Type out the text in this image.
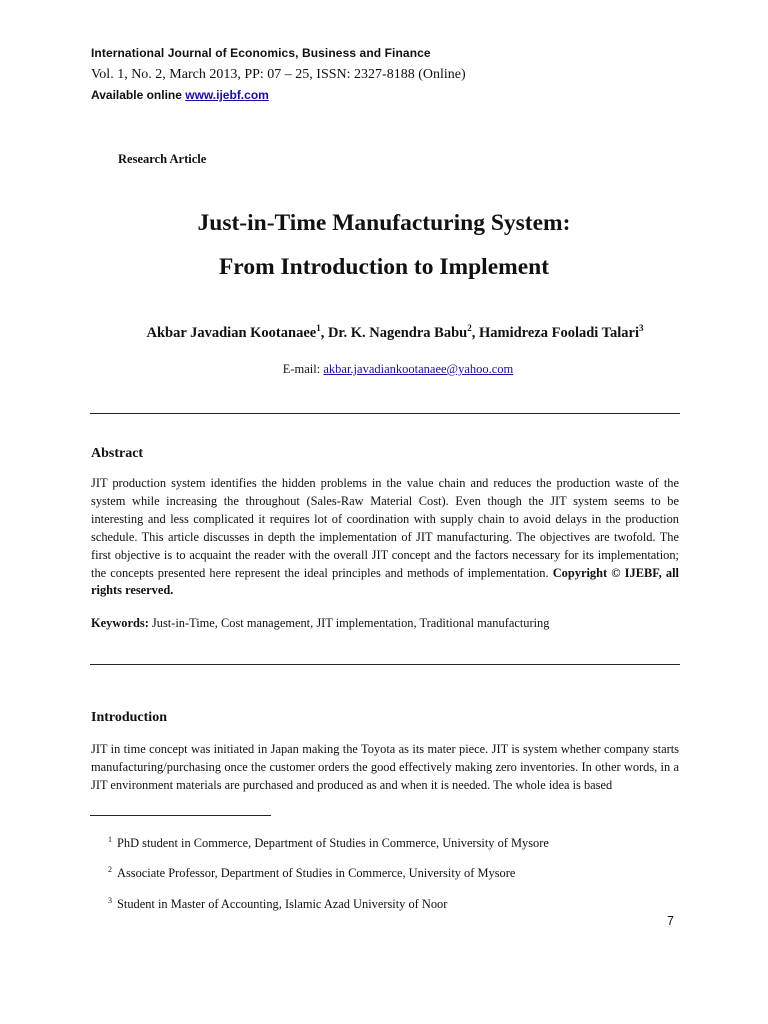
International Journal of Economics, Business and Finance
Vol. 1, No. 2, March 2013, PP: 07 – 25, ISSN: 2327-8188 (Online)
Available online www.ijebf.com
Research Article
Just-in-Time Manufacturing System:
From Introduction to Implement
Akbar Javadian Kootanaee$^1$, Dr. K. Nagendra Babu$^2$, Hamidreza Fooladi Talari$^3$
E-mail: akbar.javadiankootanaee@yahoo.com
Abstract
JIT production system identifies the hidden problems in the value chain and reduces the production waste of the system while increasing the throughout (Sales-Raw Material Cost). Even though the JIT system seems to be interesting and less complicated it requires lot of coordination with supply chain to avoid delays in the production schedule. This article discusses in depth the implementation of JIT manufacturing. The objectives are twofold. The first objective is to acquaint the reader with the overall JIT concept and the factors necessary for its implementation; the concepts presented here represent the ideal principles and methods of implementation. Copyright © IJEBF, all rights reserved.
Keywords: Just-in-Time, Cost management, JIT implementation, Traditional manufacturing
Introduction
JIT in time concept was initiated in Japan making the Toyota as its mater piece. JIT is system whether company starts manufacturing/purchasing once the customer orders the good effectively making zero inventories. In other words, in a JIT environment materials are purchased and produced as and when it is needed. The whole idea is based
$^1$ PhD student in Commerce, Department of Studies in Commerce, University of Mysore
$^2$ Associate Professor, Department of Studies in Commerce, University of Mysore
$^3$ Student in Master of Accounting, Islamic Azad University of Noor
7
